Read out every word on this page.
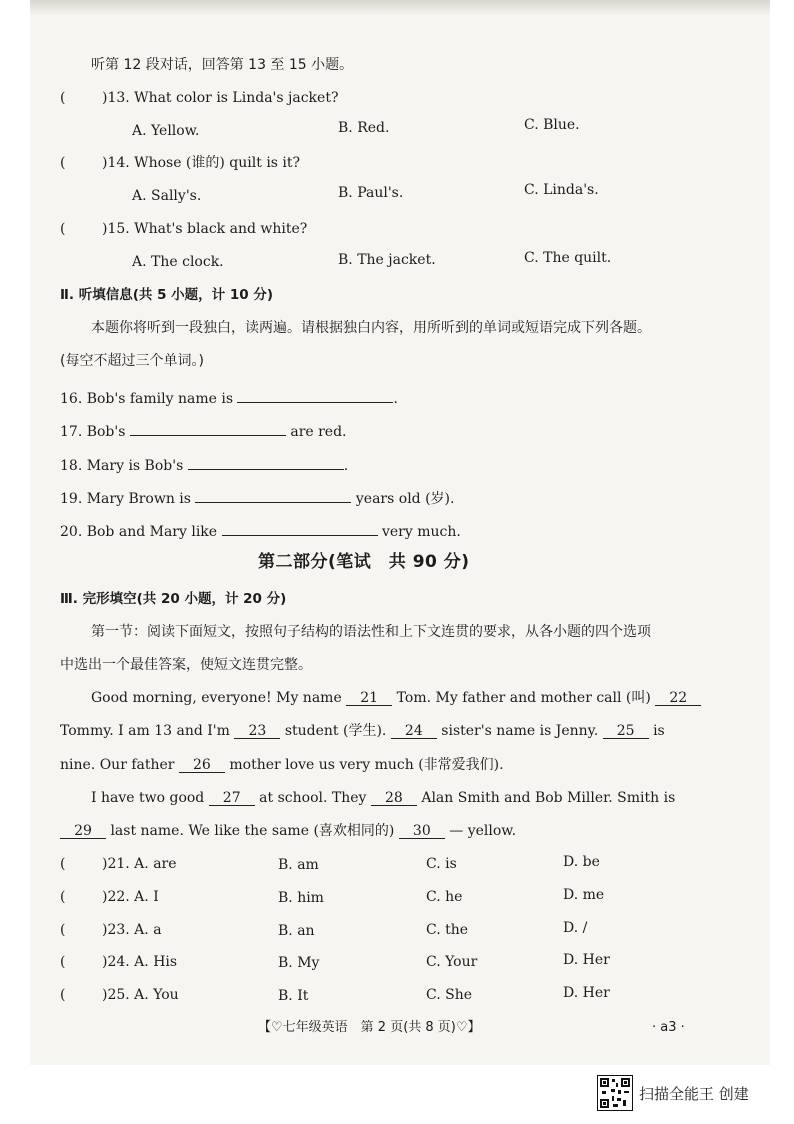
听第 12 段对话，回答第 13 至 15 小题。
(	)13. What color is Linda's jacket?
A. Yellow.	B. Red.	C. Blue.
(	)14. Whose (谁的) quilt is it?
A. Sally's.	B. Paul's.	C. Linda's.
(	)15. What's black and white?
A. The clock.	B. The jacket.	C. The quilt.
Ⅱ. 听填信息(共 5 小题，计 10 分)
本题你将听到一段独白，读两遍。请根据独白内容，用所听到的单词或短语完成下列各题。
(每空不超过三个单词。)
16. Bob's family name is	.
17. Bob's	are red.
18. Mary is Bob's	.
19. Mary Brown is	years old (岁).
20. Bob and Mary like	very much.
第二部分(笔试　共 90 分)
Ⅲ. 完形填空(共 20 小题，计 20 分)
第一节：阅读下面短文，按照句子结构的语法性和上下文连贯的要求，从各小题的四个选项
中选出一个最佳答案，使短文连贯完整。
Good morning, everyone! My name 21 Tom. My father and mother call (叫) 22
Tommy. I am 13 and I'm 23 student (学生). 24 sister's name is Jenny. 25 is
nine. Our father 26 mother love us very much (非常爱我们).
I have two good 27 at school. They 28 Alan Smith and Bob Miller. Smith is
29 last name. We like the same (喜欢相同的) 30 — yellow.
(	)21. A. are	B. am	C. is	D. be
(	)22. A. I	B. him	C. he	D. me
(	)23. A. a	B. an	C. the	D. /
(	)24. A. His	B. My	C. Your	D. Her
(	)25. A. You	B. It	C. She	D. Her
【♡七年级英语　第 2 页(共 8 页)♡】	· a3 ·
扫描全能王 创建
